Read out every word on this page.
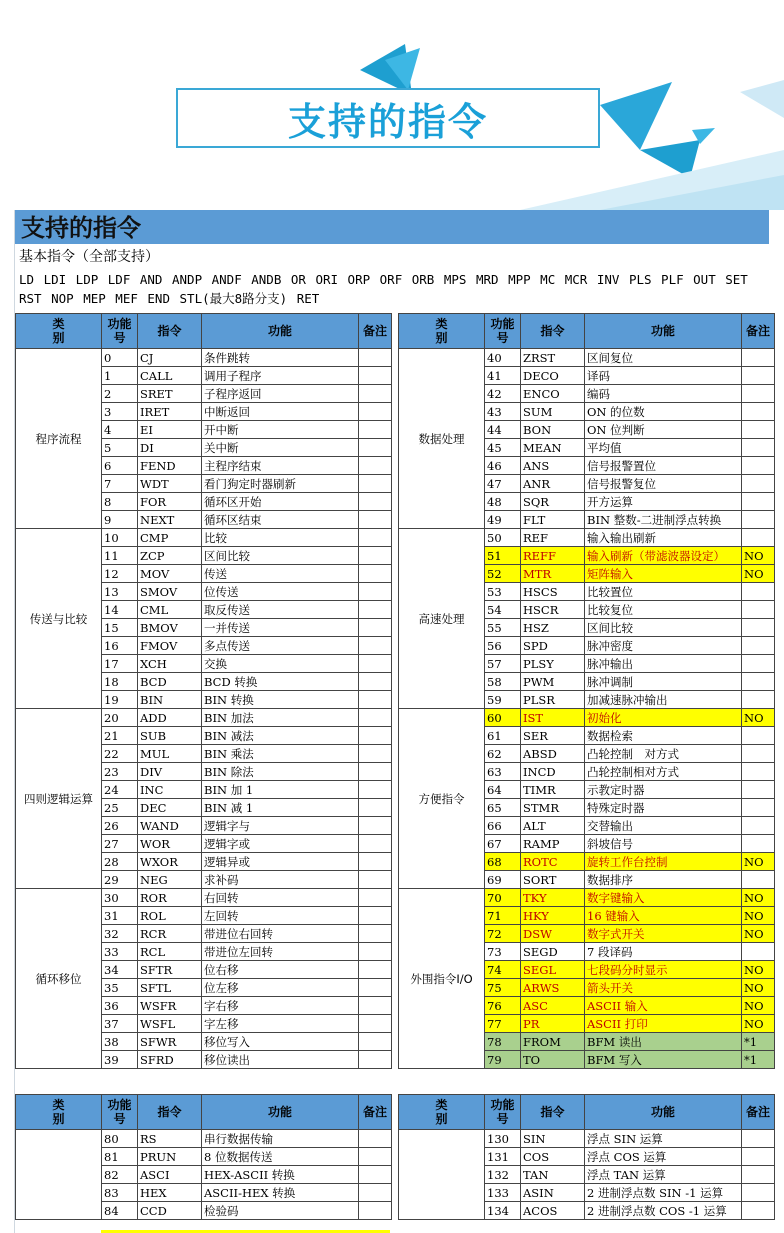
支持的指令
支持的指令
基本指令（全部支持）
LD LDI LDP LDF AND ANDP ANDF ANDB OR ORI ORP ORF ORB MPS MRD MPP MC MCR INV PLS PLF OUT SET
RST NOP MEP MEF END STL(最大8路分支) RET
类
别	功能
号	指令	功能	备注
程序流程	0	CJ	条件跳转	
	1	CALL	调用子程序	
	2	SRET	子程序返回	
	3	IRET	中断返回	
	4	EI	开中断	
	5	DI	关中断	
	6	FEND	主程序结束	
	7	WDT	看门狗定时器刷新	
	8	FOR	循环区开始	
	9	NEXT	循环区结束	
传送与比较	10	CMP	比较	
	11	ZCP	区间比较	
	12	MOV	传送	
	13	SMOV	位传送	
	14	CML	取反传送	
	15	BMOV	一并传送	
	16	FMOV	多点传送	
	17	XCH	交换	
	18	BCD	BCD 转换	
	19	BIN	BIN 转换	
四则逻辑运算	20	ADD	BIN 加法	
	21	SUB	BIN 减法	
	22	MUL	BIN 乘法	
	23	DIV	BIN 除法	
	24	INC	BIN 加 1	
	25	DEC	BIN 减 1	
	26	WAND	逻辑字与	
	27	WOR	逻辑字或	
	28	WXOR	逻辑异或	
	29	NEG	求补码	
循环移位	30	ROR	右回转	
	31	ROL	左回转	
	32	RCR	带进位右回转	
	33	RCL	带进位左回转	
	34	SFTR	位右移	
	35	SFTL	位左移	
	36	WSFR	字右移	
	37	WSFL	字左移	
	38	SFWR	移位写入	
	39	SFRD	移位读出	
类
别	功能
号	指令	功能	备注
数据处理	40	ZRST	区间复位	
	41	DECO	译码	
	42	ENCO	编码	
	43	SUM	ON 的位数	
	44	BON	ON 位判断	
	45	MEAN	平均值	
	46	ANS	信号报警置位	
	47	ANR	信号报警复位	
	48	SQR	开方运算	
	49	FLT	BIN 整数-二进制浮点转换	
高速处理	50	REF	输入输出刷新	
	51	REFF	输入刷新（带滤波器设定）	NO
	52	MTR	矩阵输入	NO
	53	HSCS	比较置位	
	54	HSCR	比较复位	
	55	HSZ	区间比较	
	56	SPD	脉冲密度	
	57	PLSY	脉冲输出	
	58	PWM	脉冲调制	
	59	PLSR	加减速脉冲输出	
方便指令	60	IST	初始化	NO
	61	SER	数据检索	
	62	ABSD	凸轮控制　对方式	
	63	INCD	凸轮控制相对方式	
	64	TIMR	示教定时器	
	65	STMR	特殊定时器	
	66	ALT	交替输出	
	67	RAMP	斜坡信号	
	68	ROTC	旋转工作台控制	NO
	69	SORT	数据排序	
外围指令I/O	70	TKY	数字键输入	NO
	71	HKY	16 键输入	NO
	72	DSW	数字式开关	NO
	73	SEGD	7 段译码	
	74	SEGL	七段码分时显示	NO
	75	ARWS	箭头开关	NO
	76	ASC	ASCII 输入	NO
	77	PR	ASCII 打印	NO
	78	FROM	BFM 读出	*1
	79	TO	BFM 写入	*1
类
别	功能
号	指令	功能	备注
	80	RS	串行数据传输	
	81	PRUN	8 位数据传送	
	82	ASCI	HEX-ASCII 转换	
	83	HEX	ASCII-HEX 转换	
	84	CCD	检验码	
类
别	功能
号	指令	功能	备注
	130	SIN	浮点 SIN 运算	
	131	COS	浮点 COS 运算	
	132	TAN	浮点 TAN 运算	
	133	ASIN	2 进制浮点数 SIN -1 运算	
	134	ACOS	2 进制浮点数 COS -1 运算	
